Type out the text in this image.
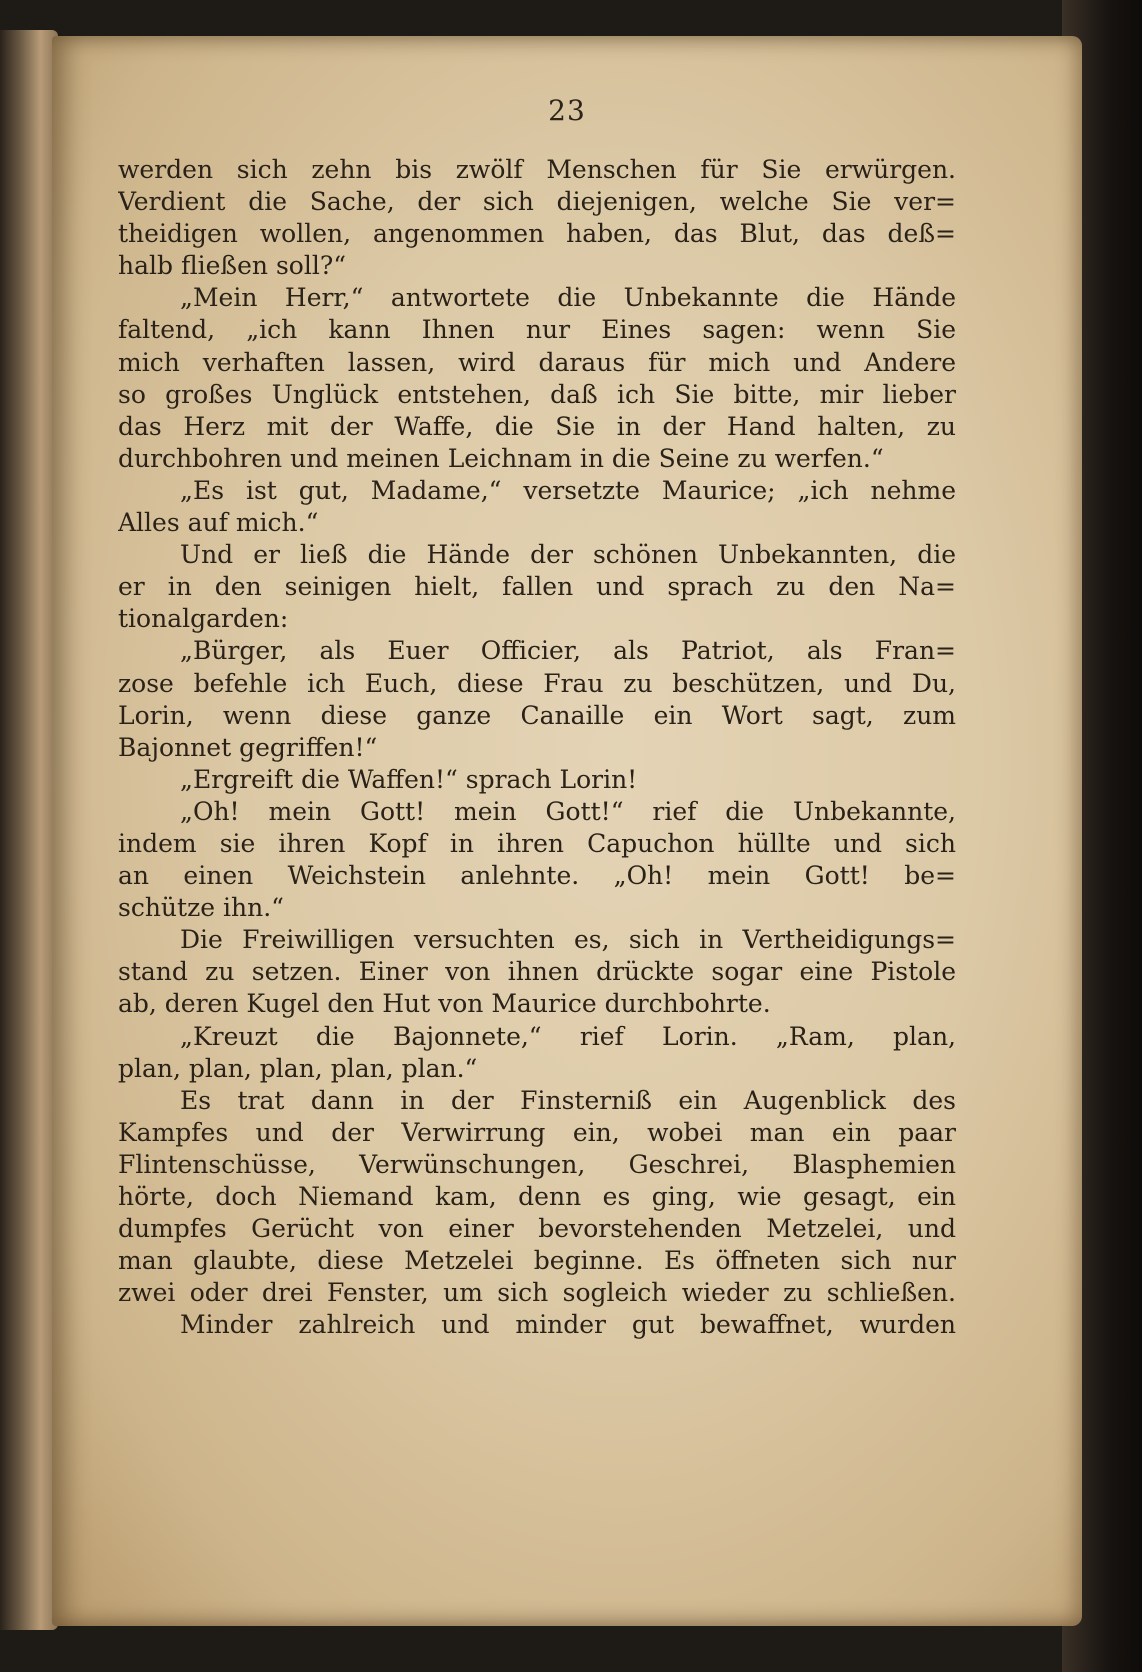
23
werden sich zehn bis zwölf Menschen für Sie erwürgen.
Verdient die Sache, der sich diejenigen, welche Sie ver=
theidigen wollen, angenommen haben, das Blut, das deß=
halb fließen soll?“
„Mein Herr,“ antwortete die Unbekannte die Hände
faltend, „ich kann Ihnen nur Eines sagen: wenn Sie
mich verhaften lassen, wird daraus für mich und Andere
so großes Unglück entstehen, daß ich Sie bitte, mir lieber
das Herz mit der Waffe, die Sie in der Hand halten, zu
durchbohren und meinen Leichnam in die Seine zu werfen.“
„Es ist gut, Madame,“ versetzte Maurice; „ich nehme
Alles auf mich.“
Und er ließ die Hände der schönen Unbekannten, die
er in den seinigen hielt, fallen und sprach zu den Na=
tionalgarden:
„Bürger, als Euer Officier, als Patriot, als Fran=
zose befehle ich Euch, diese Frau zu beschützen, und Du,
Lorin, wenn diese ganze Canaille ein Wort sagt, zum
Bajonnet gegriffen!“
„Ergreift die Waffen!“ sprach Lorin!
„Oh! mein Gott! mein Gott!“ rief die Unbekannte,
indem sie ihren Kopf in ihren Capuchon hüllte und sich
an einen Weichstein anlehnte. „Oh! mein Gott! be=
schütze ihn.“
Die Freiwilligen versuchten es, sich in Vertheidigungs=
stand zu setzen. Einer von ihnen drückte sogar eine Pistole
ab, deren Kugel den Hut von Maurice durchbohrte.
„Kreuzt die Bajonnete,“ rief Lorin. „Ram, plan,
plan, plan, plan, plan, plan.“
Es trat dann in der Finsterniß ein Augenblick des
Kampfes und der Verwirrung ein, wobei man ein paar
Flintenschüsse, Verwünschungen, Geschrei, Blasphemien
hörte, doch Niemand kam, denn es ging, wie gesagt, ein
dumpfes Gerücht von einer bevorstehenden Metzelei, und
man glaubte, diese Metzelei beginne. Es öffneten sich nur
zwei oder drei Fenster, um sich sogleich wieder zu schließen.
Minder zahlreich und minder gut bewaffnet, wurden
